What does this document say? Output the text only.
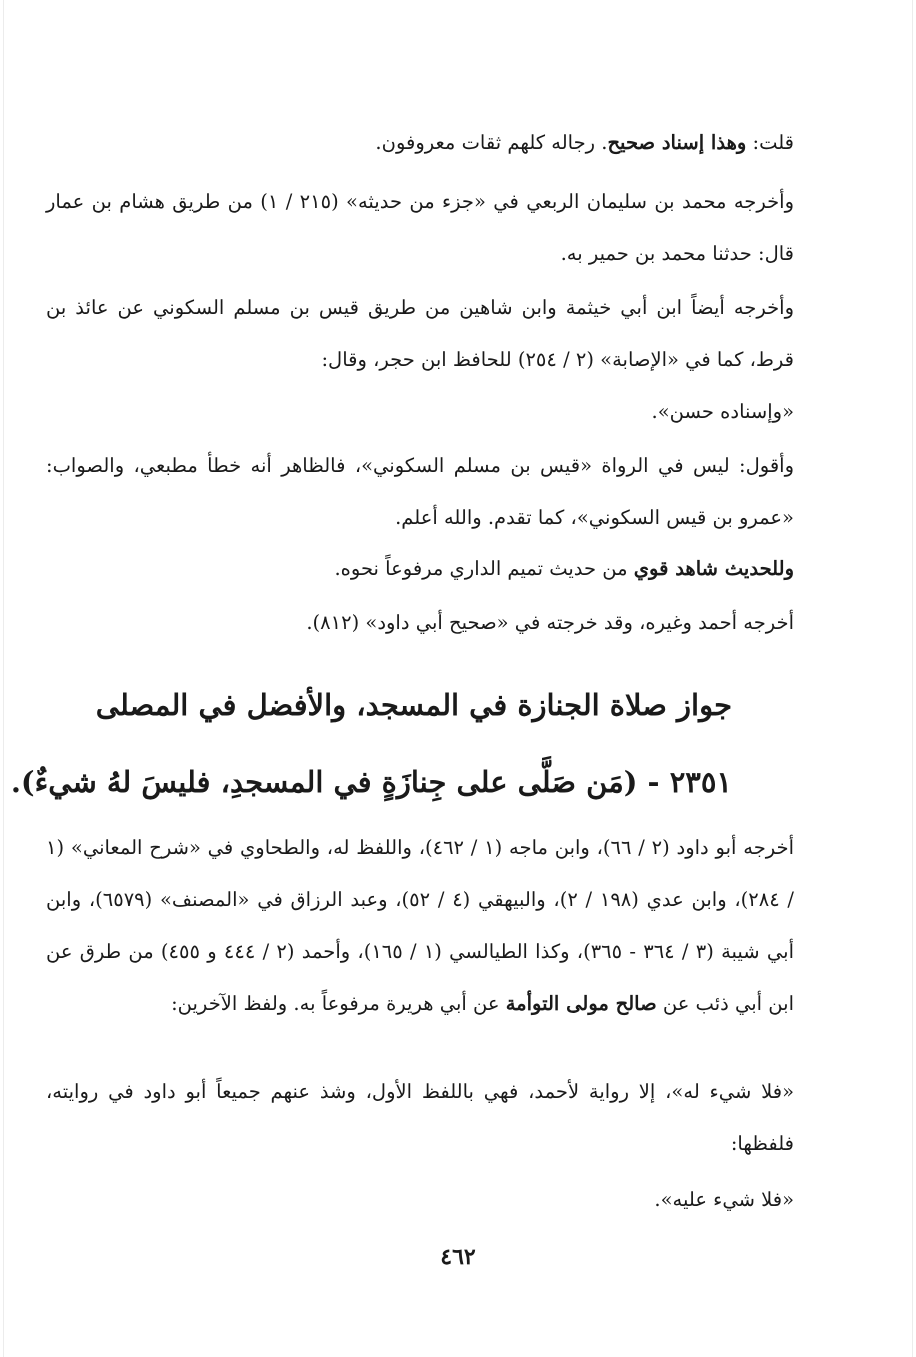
قلت: وهذا إسناد صحيح. رجاله كلهم ثقات معروفون.

وأخرجه محمد بن سليمان الربعي في «جزء من حديثه» (٢١٥ / ١) من طريق هشام بن عمار قال: حدثنا محمد بن حمير به.

وأخرجه أيضاً ابن أبي خيثمة وابن شاهين من طريق قيس بن مسلم السكوني عن عائذ بن قرط، كما في «الإصابة» (٢ / ٢٥٤) للحافظ ابن حجر، وقال:

«وإسناده حسن».

وأقول: ليس في الرواة «قيس بن مسلم السكوني»، فالظاهر أنه خطأ مطبعي، والصواب: «عمرو بن قيس السكوني»، كما تقدم. والله أعلم.

وللحديث شاهد قوي من حديث تميم الداري مرفوعاً نحوه.

أخرجه أحمد وغيره، وقد خرجته في «صحيح أبي داود» (٨١٢).

جواز صلاة الجنازة في المسجد، والأفضل في المصلى
٢٣٥١ - (مَن صَلَّى على جِنازَةٍ في المسجدِ، فليسَ لهُ شيءٌ).

أخرجه أبو داود (٢ / ٦٦)، وابن ماجه (١ / ٤٦٢)، واللفظ له، والطحاوي في «شرح المعاني» (١ / ٢٨٤)، وابن عدي (١٩٨ / ٢)، والبيهقي (٤ / ٥٢)، وعبد الرزاق في «المصنف» (٦٥٧٩)، وابن أبي شيبة (٣ / ٣٦٤ - ٣٦٥)، وكذا الطيالسي (١ / ١٦٥)، وأحمد (٢ / ٤٤٤ و ٤٥٥) من طرق عن ابن أبي ذئب عن صالح مولى التوأمة عن أبي هريرة مرفوعاً به. ولفظ الآخرين:

«فلا شيء له»، إلا رواية لأحمد، فهي باللفظ الأول، وشذ عنهم جميعاً أبو داود في روايته، فلفظها:

«فلا شيء عليه».

٤٦٢
